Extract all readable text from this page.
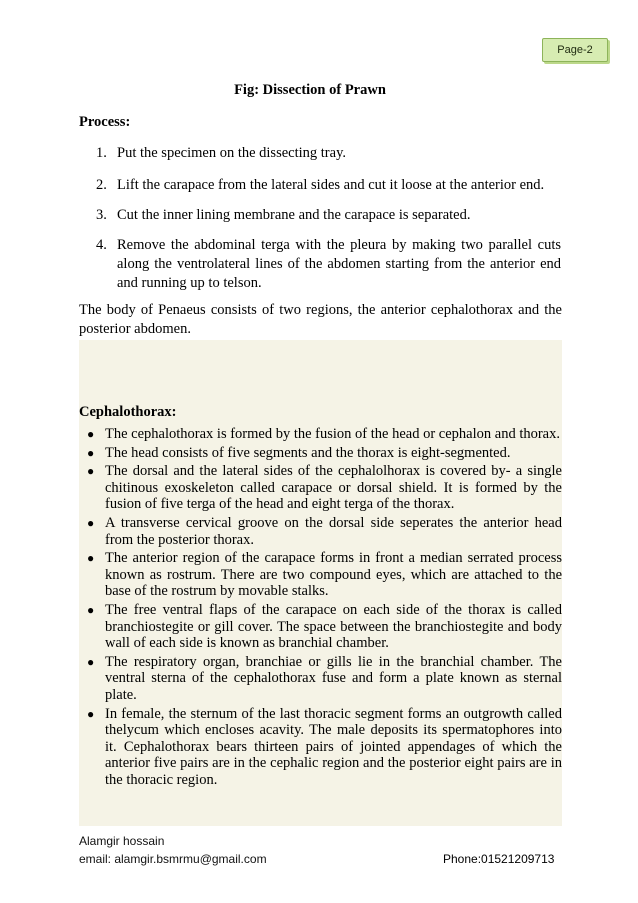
Page-2
Fig: Dissection of Prawn
Process:
1. Put the specimen on the dissecting tray.
2. Lift the carapace from the lateral sides and cut it loose at the anterior end.
3. Cut the inner lining membrane and the carapace is separated.
4. Remove the abdominal terga with the pleura by making two parallel cuts along the ventrolateral lines of the abdomen starting from the anterior end and running up to telson.
The body of Penaeus consists of two regions, the anterior cephalothorax and the posterior abdomen.
Cephalothorax:
● The cephalothorax is formed by the fusion of the head or cephalon and thorax.
● The head consists of five segments and the thorax is eight-segmented.
● The dorsal and the lateral sides of the cephalolhorax is covered by- a single chitinous exoskeleton called carapace or dorsal shield. It is formed by the fusion of five terga of the head and eight terga of the thorax.
● A transverse cervical groove on the dorsal side seperates the anterior head from the posterior thorax.
● The anterior region of the carapace forms in front a median serrated process known as rostrum. There are two compound eyes, which are attached to the base of the rostrum by movable stalks.
● The free ventral flaps of the carapace on each side of the thorax is called branchiostegite or gill cover. The space between the branchiostegite and body wall of each side is known as branchial chamber.
● The respiratory organ, branchiae or gills lie in the branchial chamber. The ventral sterna of the cephalothorax fuse and form a plate known as sternal plate.
● In female, the sternum of the last thoracic segment forms an outgrowth called thelycum which encloses acavity. The male deposits its spermatophores into it. Cephalothorax bears thirteen pairs of jointed appendages of which the anterior five pairs are in the cephalic region and the posterior eight pairs are in the thoracic region.
Alamgir hossain
email: alamgir.bsmrmu@gmail.com	Phone:01521209713
